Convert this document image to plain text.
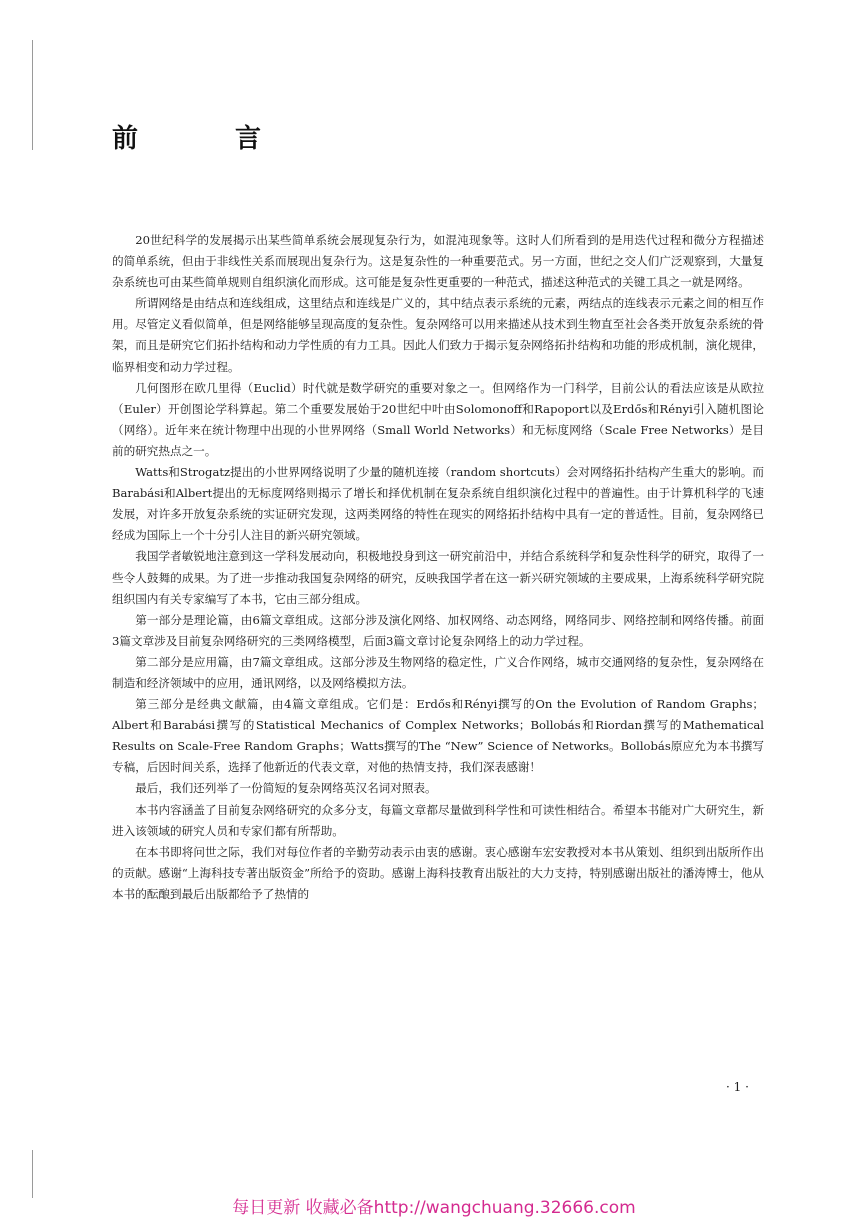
前 言

20世纪科学的发展揭示出某些简单系统会展现复杂行为，如混沌现象等。这时人们所看到的是用迭代过程和微分方程描述的简单系统，但由于非线性关系而展现出复杂行为。这是复杂性的一种重要范式。另一方面，世纪之交人们广泛观察到，大量复杂系统也可由某些简单规则自组织演化而形成。这可能是复杂性更重要的一种范式，描述这种范式的关键工具之一就是网络。

所谓网络是由结点和连线组成，这里结点和连线是广义的，其中结点表示系统的元素，两结点的连线表示元素之间的相互作用。尽管定义看似简单，但是网络能够呈现高度的复杂性。复杂网络可以用来描述从技术到生物直至社会各类开放复杂系统的骨架，而且是研究它们拓扑结构和动力学性质的有力工具。因此人们致力于揭示复杂网络拓扑结构和功能的形成机制，演化规律，临界相变和动力学过程。

几何图形在欧几里得（Euclid）时代就是数学研究的重要对象之一。但网络作为一门科学，目前公认的看法应该是从欧拉（Euler）开创图论学科算起。第二个重要发展始于20世纪中叶由Solomonoff和Rapoport以及Erdős和Rényi引入随机图论（网络）。近年来在统计物理中出现的小世界网络（Small World Networks）和无标度网络（Scale Free Networks）是目前的研究热点之一。

Watts和Strogatz提出的小世界网络说明了少量的随机连接（random shortcuts）会对网络拓扑结构产生重大的影响。而Barabási和Albert提出的无标度网络则揭示了增长和择优机制在复杂系统自组织演化过程中的普遍性。由于计算机科学的飞速发展，对许多开放复杂系统的实证研究发现，这两类网络的特性在现实的网络拓扑结构中具有一定的普适性。目前，复杂网络已经成为国际上一个十分引人注目的新兴研究领域。

我国学者敏锐地注意到这一学科发展动向，积极地投身到这一研究前沿中，并结合系统科学和复杂性科学的研究，取得了一些令人鼓舞的成果。为了进一步推动我国复杂网络的研究，反映我国学者在这一新兴研究领域的主要成果，上海系统科学研究院组织国内有关专家编写了本书，它由三部分组成。

第一部分是理论篇，由6篇文章组成。这部分涉及演化网络、加权网络、动态网络，网络同步、网络控制和网络传播。前面3篇文章涉及目前复杂网络研究的三类网络模型，后面3篇文章讨论复杂网络上的动力学过程。

第二部分是应用篇，由7篇文章组成。这部分涉及生物网络的稳定性，广义合作网络，城市交通网络的复杂性，复杂网络在制造和经济领域中的应用，通讯网络，以及网络模拟方法。

第三部分是经典文献篇，由4篇文章组成。它们是：Erdős和Rényi撰写的On the Evolution of Random Graphs；Albert和Barabási撰写的Statistical Mechanics of Complex Networks；Bollobás和Riordan撰写的Mathematical Results on Scale-Free Random Graphs；Watts撰写的The “New” Science of Networks。Bollobás原应允为本书撰写专稿，后因时间关系，选择了他新近的代表文章，对他的热情支持，我们深表感谢！

最后，我们还列举了一份简短的复杂网络英汉名词对照表。

本书内容涵盖了目前复杂网络研究的众多分支，每篇文章都尽量做到科学性和可读性相结合。希望本书能对广大研究生，新进入该领域的研究人员和专家们都有所帮助。

在本书即将问世之际，我们对每位作者的辛勤劳动表示由衷的感谢。衷心感谢车宏安教授对本书从策划、组织到出版所作出的贡献。感谢“上海科技专著出版资金”所给予的资助。感谢上海科技教育出版社的大力支持，特别感谢出版社的潘涛博士，他从本书的酝酿到最后出版都给予了热情的

· 1 ·
每日更新 收藏必备http://wangchuang.32666.com
